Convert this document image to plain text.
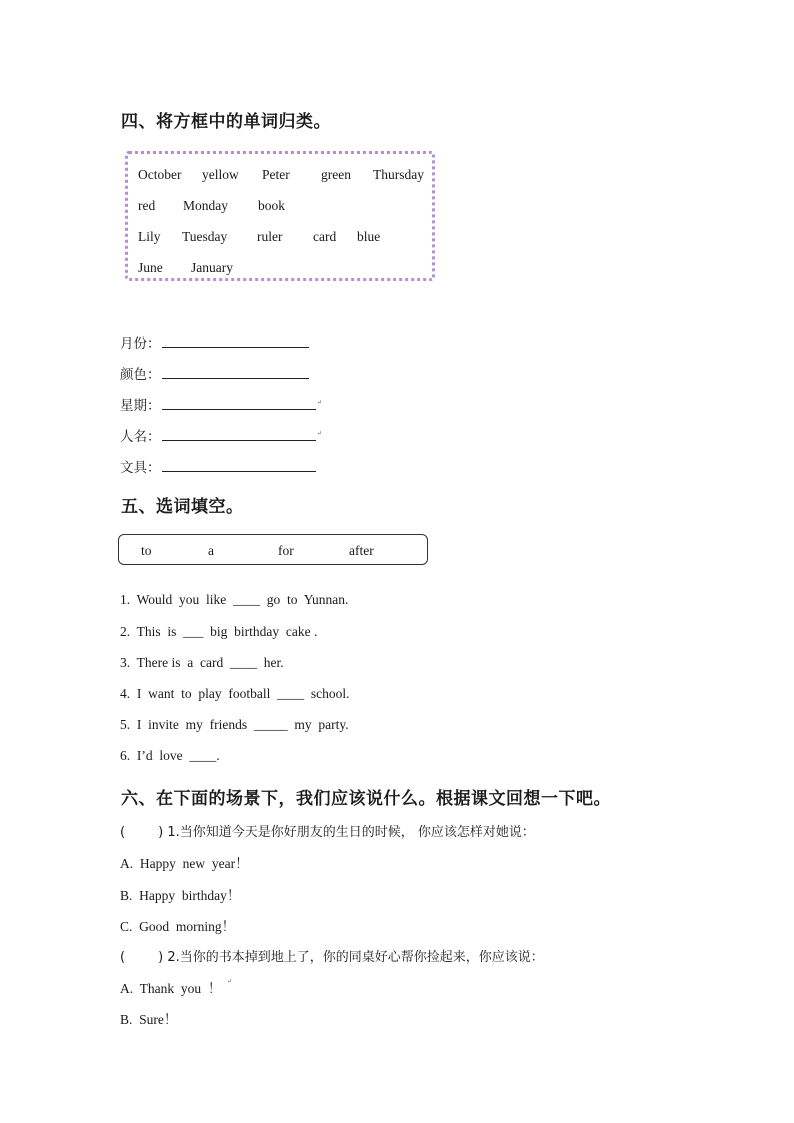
四、将方框中的单词归类。
October yellow Peter green Thursday
red Monday book
Lily Tuesday ruler card blue
June January
月份：
颜色：
星期：	↵
人名：	↵
文具：
五、选词填空。
to	a	for	after
1.  Would  you  like  ____  go  to  Yunnan.
2.  This  is  ___  big  birthday  cake .
3.  There is  a  card  ____  her.
4.  I  want  to  play  football  ____  school.
5.  I  invite  my  friends  _____  my  party.
6.  I’d  love  ____.
六、在下面的场景下，我们应该说什么。根据课文回想一下吧。
(        ) 1.当你知道今天是你好朋友的生日的时候， 你应该怎样对她说：
A.  Happy  new  year！
B.  Happy  birthday！
C.  Good  morning！
(        ) 2.当你的书本掉到地上了，你的同桌好心帮你捡起来，你应该说：
A.  Thank  you  ！ ↵
B.  Sure！
